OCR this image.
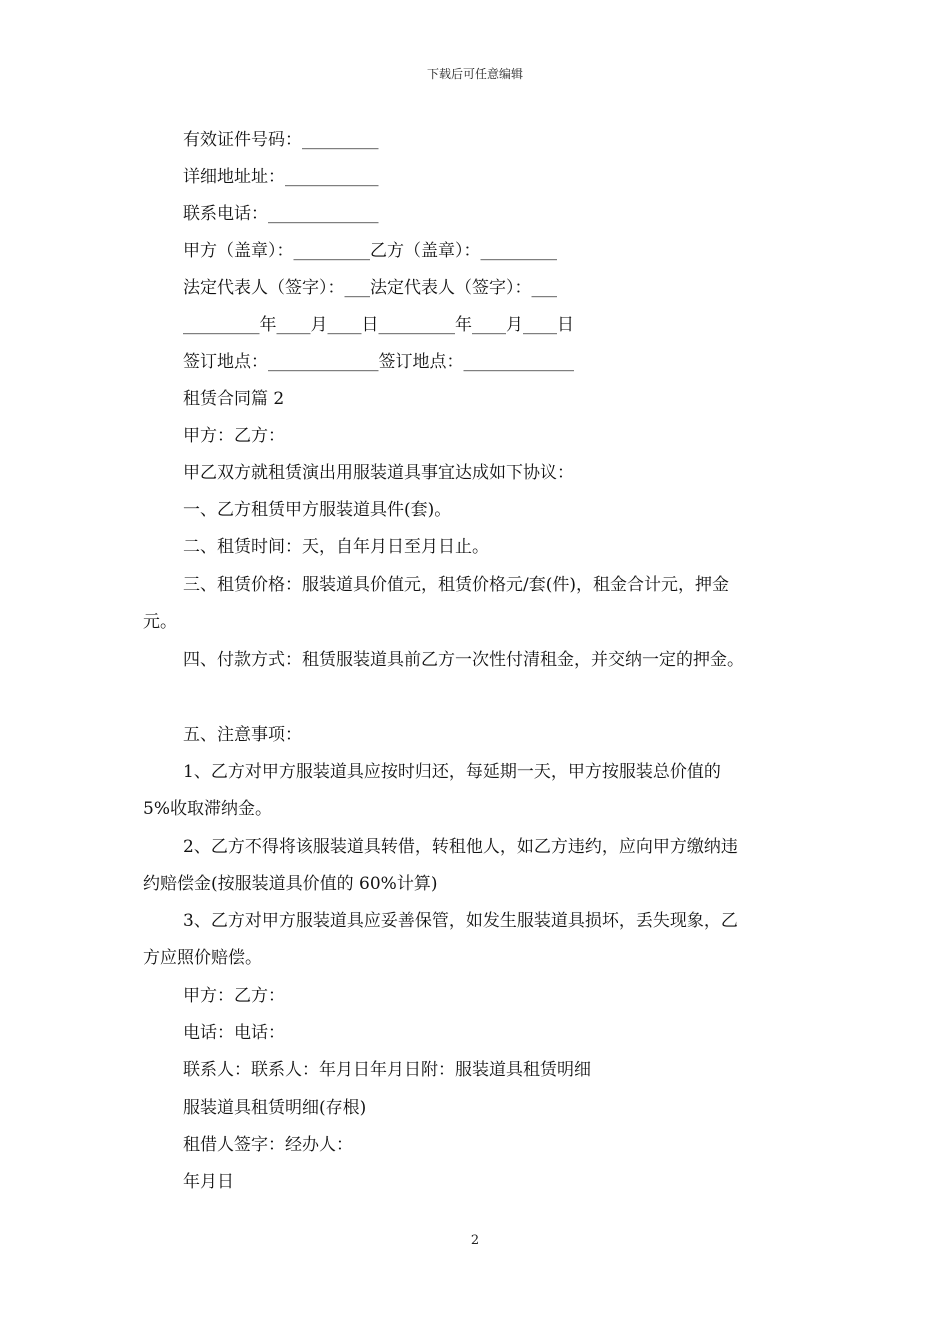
下载后可任意编辑
有效证件号码：_________
详细地址址：___________
联系电话：_____________
甲方（盖章）：_________乙方（盖章）：_________
法定代表人（签字）：___法定代表人（签字）：___
_________年____月____日_________年____月____日
签订地点：_____________签订地点：_____________
租赁合同篇 2
甲方：乙方：
甲乙双方就租赁演出用服装道具事宜达成如下协议：
一、乙方租赁甲方服装道具件(套)。
二、租赁时间：天，自年月日至月日止。
三、租赁价格：服装道具价值元，租赁价格元/套(件)，租金合计元，押金
元。
四、付款方式：租赁服装道具前乙方一次性付清租金，并交纳一定的押金。
五、注意事项：
1、乙方对甲方服装道具应按时归还，每延期一天，甲方按服装总价值的
5%收取滞纳金。
2、乙方不得将该服装道具转借，转租他人，如乙方违约，应向甲方缴纳违
约赔偿金(按服装道具价值的 60%计算)
3、乙方对甲方服装道具应妥善保管，如发生服装道具损坏，丢失现象，乙
方应照价赔偿。
甲方：乙方：
电话：电话：
联系人：联系人：年月日年月日附：服装道具租赁明细
服装道具租赁明细(存根)
租借人签字：经办人：
年月日
2
